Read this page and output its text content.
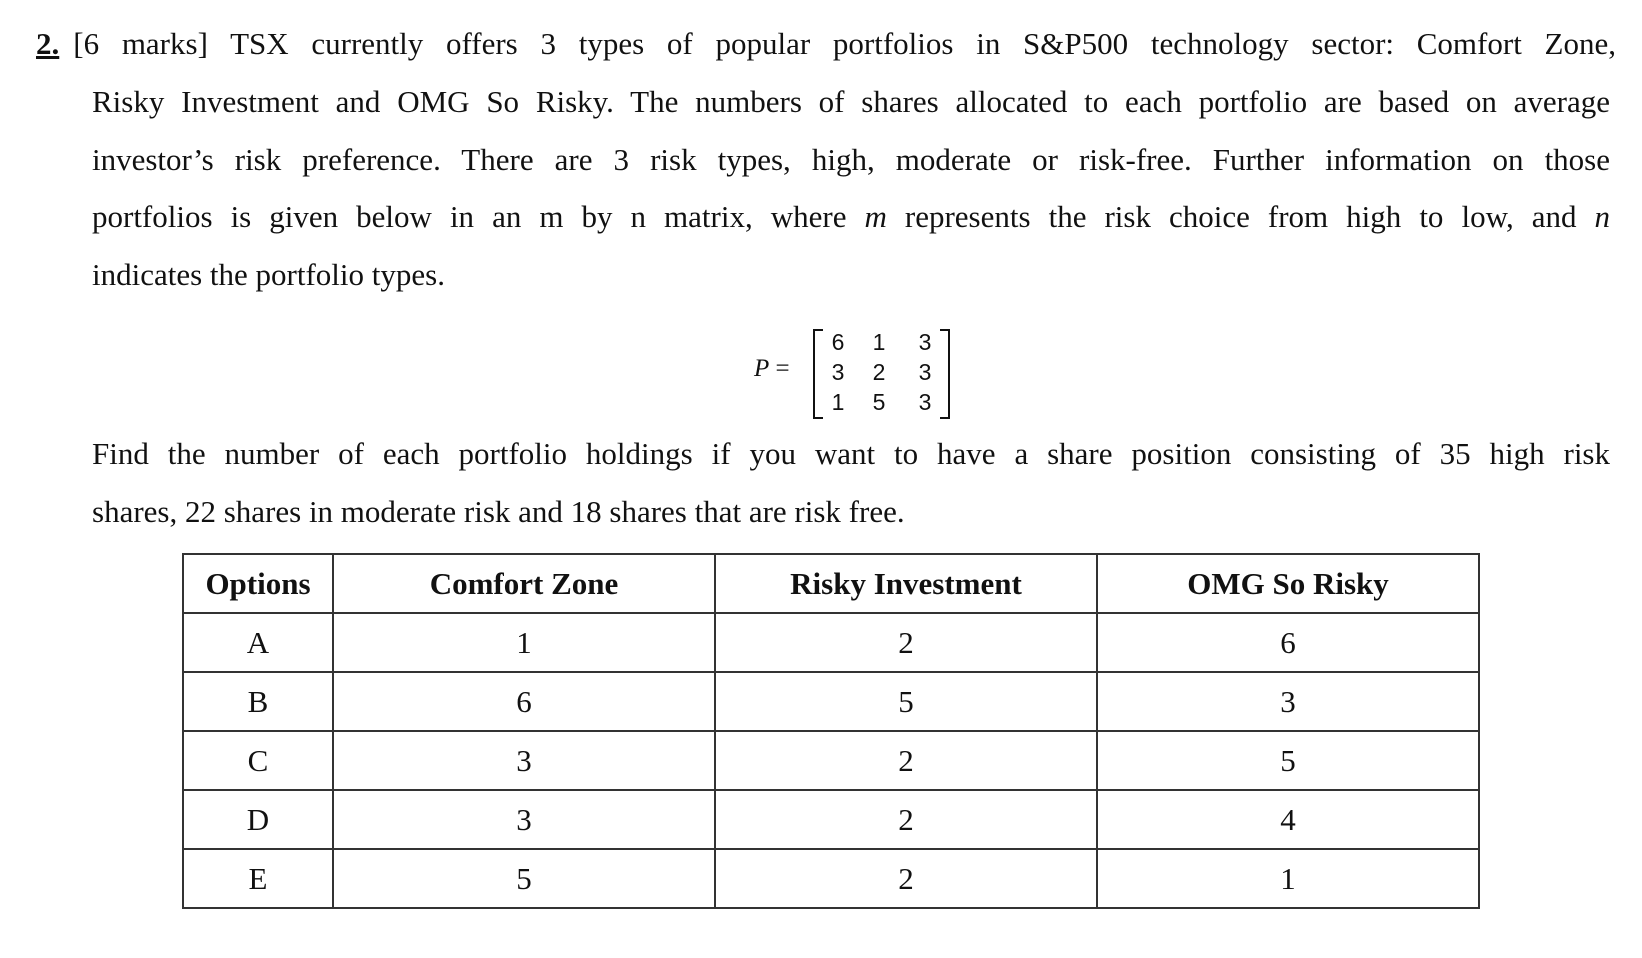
2. [6 marks] TSX currently offers 3 types of popular portfolios in S&P500 technology sector: Comfort Zone,
Risky Investment and OMG So Risky. The numbers of shares allocated to each portfolio are based on average
investor’s risk preference. There are 3 risk types, high, moderate or risk-free. Further information on those
portfolios is given below in an m by n matrix, where m represents the risk choice from high to low, and n
indicates the portfolio types.
P =
6	1	3
3	2	3
1	5	3
Find the number of each portfolio holdings if you want to have a share position consisting of 35 high risk
shares, 22 shares in moderate risk and 18 shares that are risk free.
Options	Comfort Zone	Risky Investment	OMG So Risky
A	1	2	6
B	6	5	3
C	3	2	5
D	3	2	4
E	5	2	1
